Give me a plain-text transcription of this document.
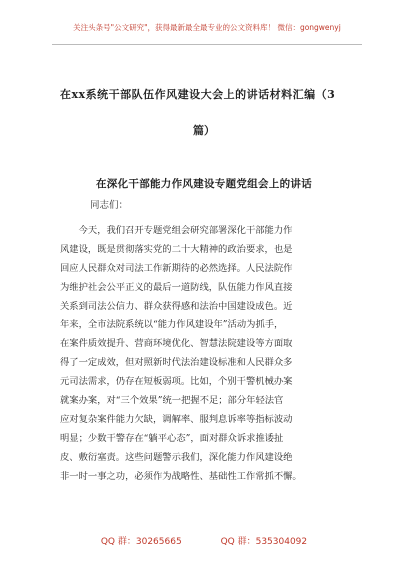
关注头条号"公文研究"，获得最新最全最专业的公文资料库！ 微信：gongwenyj
在xx系统干部队伍作风建设大会上的讲话材料汇编（3
篇）
在深化干部能力作风建设专题党组会上的讲话
同志们：
　　今天，我们召开专题党组会研究部署深化干部能力作
风建设，既是贯彻落实党的二十大精神的政治要求，也是
回应人民群众对司法工作新期待的必然选择。人民法院作
为维护社会公平正义的最后一道防线，队伍能力作风直接
关系到司法公信力、群众获得感和法治中国建设成色。近
年来，全市法院系统以“能力作风建设年”活动为抓手，
在案件质效提升、营商环境优化、智慧法院建设等方面取
得了一定成效，但对照新时代法治建设标准和人民群众多
元司法需求，仍存在短板弱项。比如，个别干警机械办案
就案办案，对“三个效果”统一把握不足；部分年轻法官
应对复杂案件能力欠缺，调解率、服判息诉率等指标波动
明显；少数干警存在“躺平心态”，面对群众诉求推诿扯
皮、敷衍塞责。这些问题警示我们，深化能力作风建设绝
非一时一事之功，必须作为战略性、基础性工作常抓不懈。
QQ 群：30265665	QQ 群：535304092
